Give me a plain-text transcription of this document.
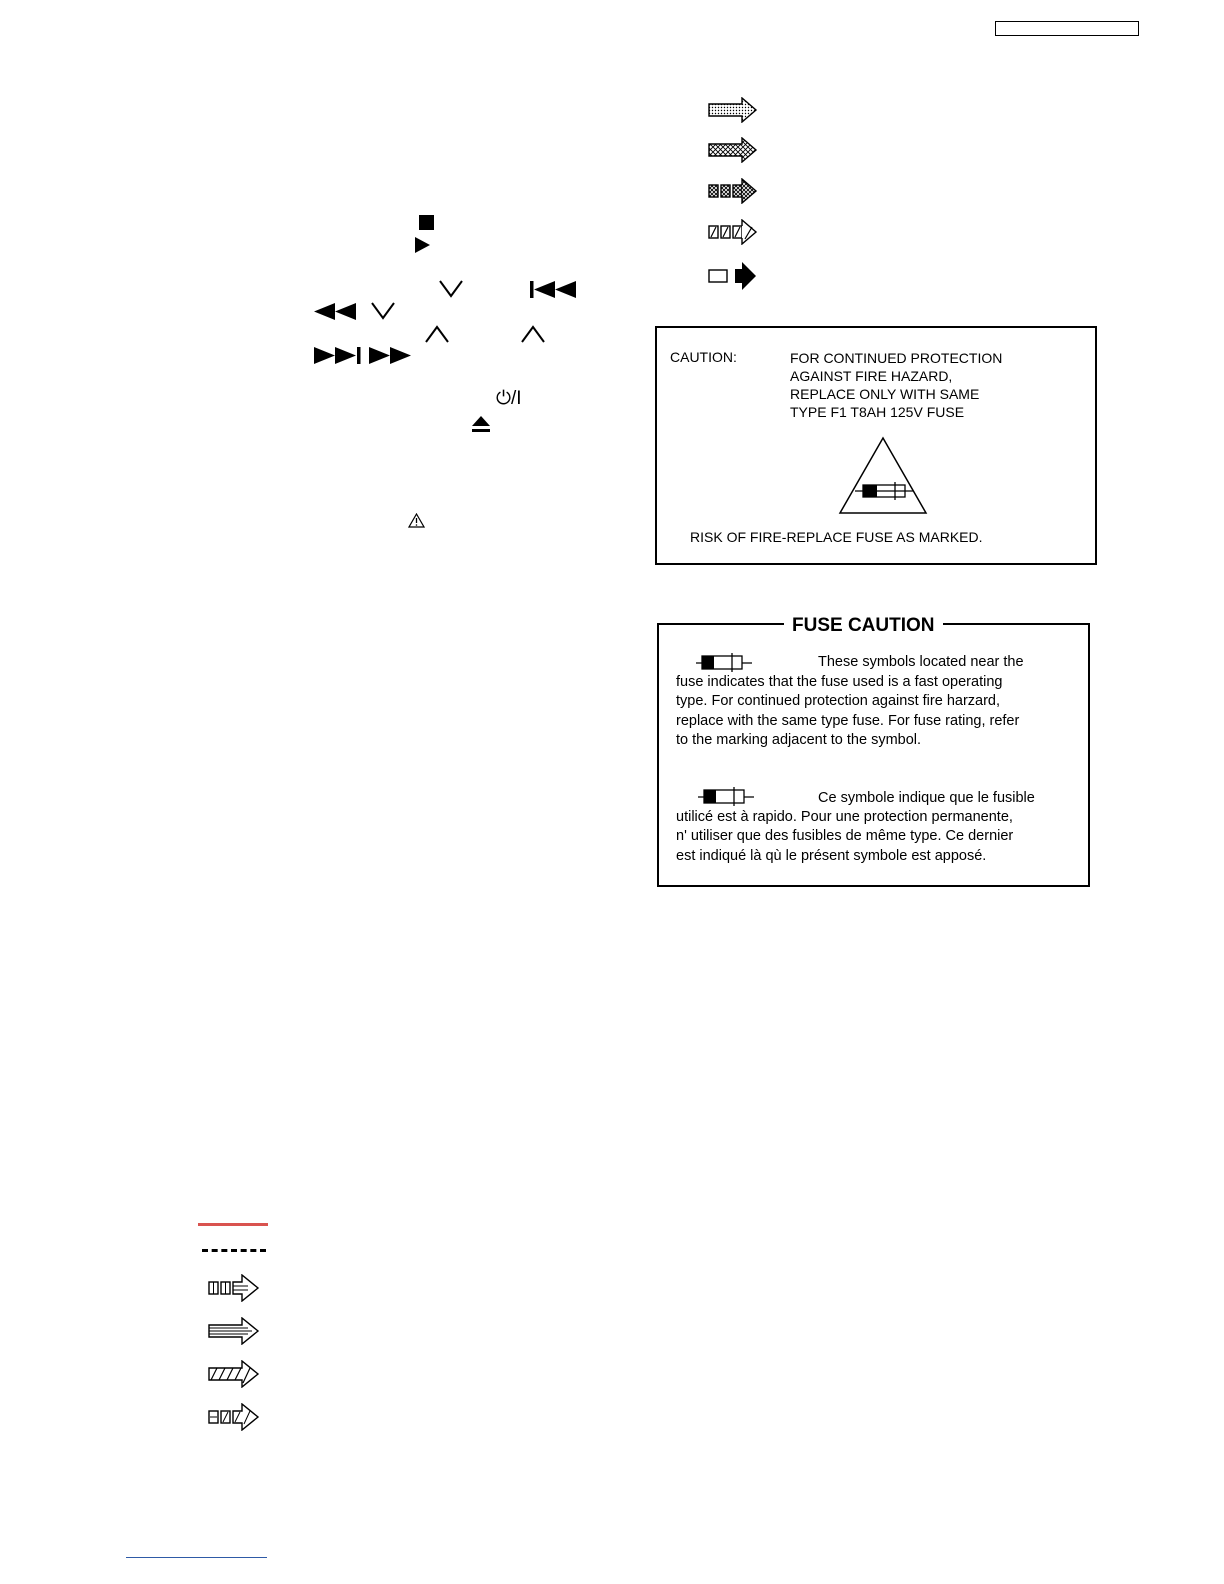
⏻/I
CAUTION:	FOR CONTINUED PROTECTION
AGAINST FIRE HAZARD,
REPLACE ONLY WITH SAME
TYPE F1 T8AH 125V FUSE
RISK OF FIRE-REPLACE FUSE AS MARKED.
FUSE CAUTION
These symbols located near the
fuse indicates that the fuse used is a fast operating
type. For continued protection against fire harzard,
replace with the same type fuse. For fuse rating, refer
to the marking adjacent to the symbol.
Ce symbole indique que le fusible
utilicé est à rapido. Pour une protection permanente,
n' utiliser que des fusibles de même type. Ce dernier
est indiqué là qù le présent symbole est apposé.
